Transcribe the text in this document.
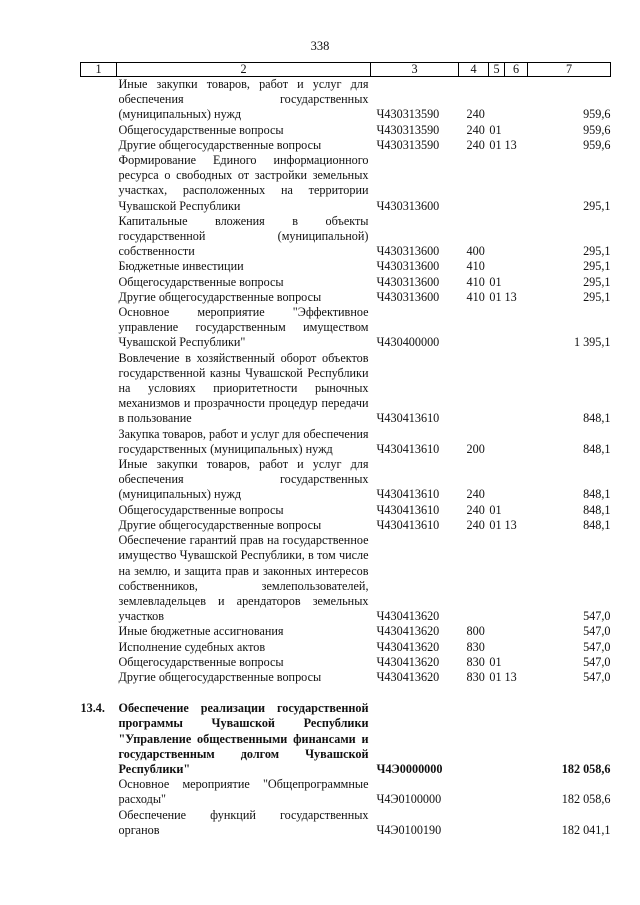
338
1	2	3	4	5	6	7
	Иные закупки товаров, работ и услуг для обеспечения государственных (муниципальных) нужд	Ч430313590	240			959,6
	Общегосударственные вопросы	Ч430313590	240	01		959,6
	Другие общегосударственные вопросы	Ч430313590	240	01	13	959,6
	Формирование Единого информационного ресурса о свободных от застройки земельных участках, расположенных на территории Чувашской Республики	Ч430313600				295,1
	Капитальные вложения в объекты государственной (муниципальной) собственности	Ч430313600	400			295,1
	Бюджетные инвестиции	Ч430313600	410			295,1
	Общегосударственные вопросы	Ч430313600	410	01		295,1
	Другие общегосударственные вопросы	Ч430313600	410	01	13	295,1
	Основное мероприятие "Эффективное управление государственным имуществом Чувашской Республики"	Ч430400000				1 395,1
	Вовлечение в хозяйственный оборот объектов государственной казны Чувашской Республики на условиях приоритетности рыночных механизмов и прозрачности процедур передачи в пользование	Ч430413610				848,1
	Закупка товаров, работ и услуг для обеспечения государственных (муниципальных) нужд	Ч430413610	200			848,1
	Иные закупки товаров, работ и услуг для обеспечения государственных (муниципальных) нужд	Ч430413610	240			848,1
	Общегосударственные вопросы	Ч430413610	240	01		848,1
	Другие общегосударственные вопросы	Ч430413610	240	01	13	848,1
	Обеспечение гарантий прав на государственное имущество Чувашской Республики, в том числе на землю, и защита прав и законных интересов собственников, землепользователей, землевладельцев и арендаторов земельных участков	Ч430413620				547,0
	Иные бюджетные ассигнования	Ч430413620	800			547,0
	Исполнение судебных актов	Ч430413620	830			547,0
	Общегосударственные вопросы	Ч430413620	830	01		547,0
	Другие общегосударственные вопросы	Ч430413620	830	01	13	547,0

13.4.	Обеспечение реализации государственной программы Чувашской Республики "Управление общественными финансами и государственным долгом Чувашской Республики"	Ч4Э0000000				182 058,6
	Основное мероприятие "Общепрограммные расходы"	Ч4Э0100000				182 058,6
	Обеспечение функций государственных органов	Ч4Э0100190				182 041,1
